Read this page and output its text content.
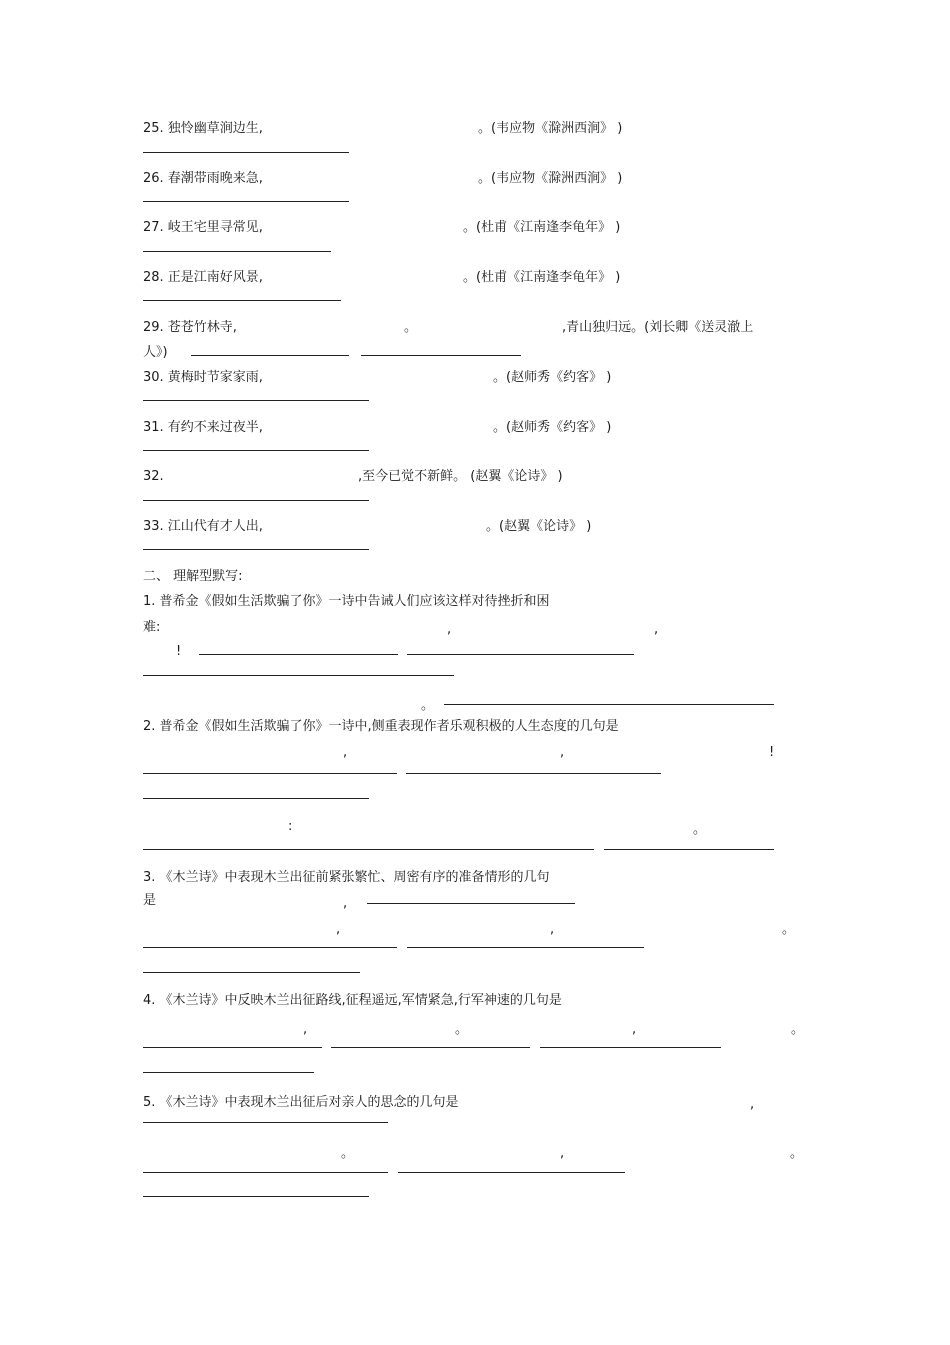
25. 独怜幽草涧边生,	。(韦应物《滁洲西涧》 )
26. 春潮带雨晚来急,	。(韦应物《滁洲西涧》 )
27. 岐王宅里寻常见,	。(杜甫《江南逢李龟年》 )
28. 正是江南好风景,	。(杜甫《江南逢李龟年》 )
29. 苍苍竹林寺,	。	,青山独归远。(刘长卿《送灵澈上
人》)
30. 黄梅时节家家雨,	。(赵师秀《约客》 )
31. 有约不来过夜半,	。(赵师秀《约客》 )
32.	,至今已觉不新鲜。 (赵翼《论诗》 )
33. 江山代有才人出,	。(赵翼《论诗》 )
二、 理解型默写:
1. 普希金《假如生活欺骗了你》一诗中告诫人们应该这样对待挫折和困
难:	,	,
!
。
2. 普希金《假如生活欺骗了你》一诗中,侧重表现作者乐观积极的人生态度的几句是
,	,	!
:	。
3. 《木兰诗》中表现木兰出征前紧张繁忙、周密有序的准备情形的几句
是	,
,	,	。
4. 《木兰诗》中反映木兰出征路线,征程遥远,军情紧急,行军神速的几句是
,	。	,	。
5. 《木兰诗》中表现木兰出征后对亲人的思念的几句是	,
。	,	。
